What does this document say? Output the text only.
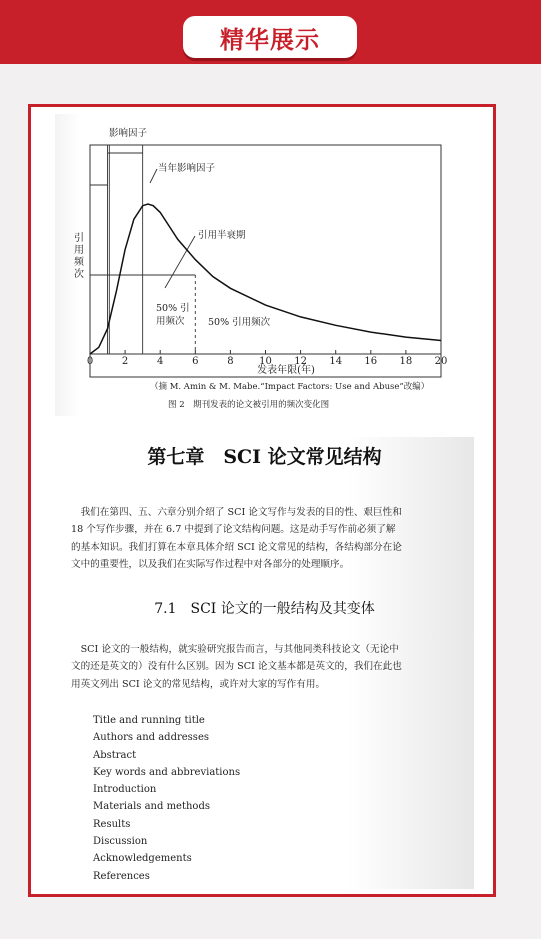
精华展示
0	2	4	6	8	10 12 14 16 18 20
发表年限(年)
引
用
频
次
影响因子
当年影响因子
引用半衰期
50% 引
用频次 50% 引用频次
（摘 M. Amin & M. Mabe.“Impact Factors: Use and Abuse”改编）
图 2　期刊发表的论文被引用的频次变化图
第七章　SCI 论文常见结构

　我们在第四、五、六章分别介绍了 SCI 论文写作与发表的目的性、艰巨性和

18 个写作步骤，并在 6.7 中提到了论文结构问题。这是动手写作前必须了解

的基本知识。我们打算在本章具体介绍 SCI 论文常见的结构，各结构部分在论

文中的重要性，以及我们在实际写作过程中对各部分的处理顺序。

7.1　SCI 论文的一般结构及其变体

　SCI 论文的一般结构，就实验研究报告而言，与其他同类科技论文（无论中

文的还是英文的）没有什么区别。因为 SCI 论文基本都是英文的，我们在此也

用英文列出 SCI 论文的常见结构，或许对大家的写作有用。

Title and running title
Authors and addresses
Abstract
Key words and abbreviations
Introduction
Materials and methods
Results
Discussion
Acknowledgements
References
